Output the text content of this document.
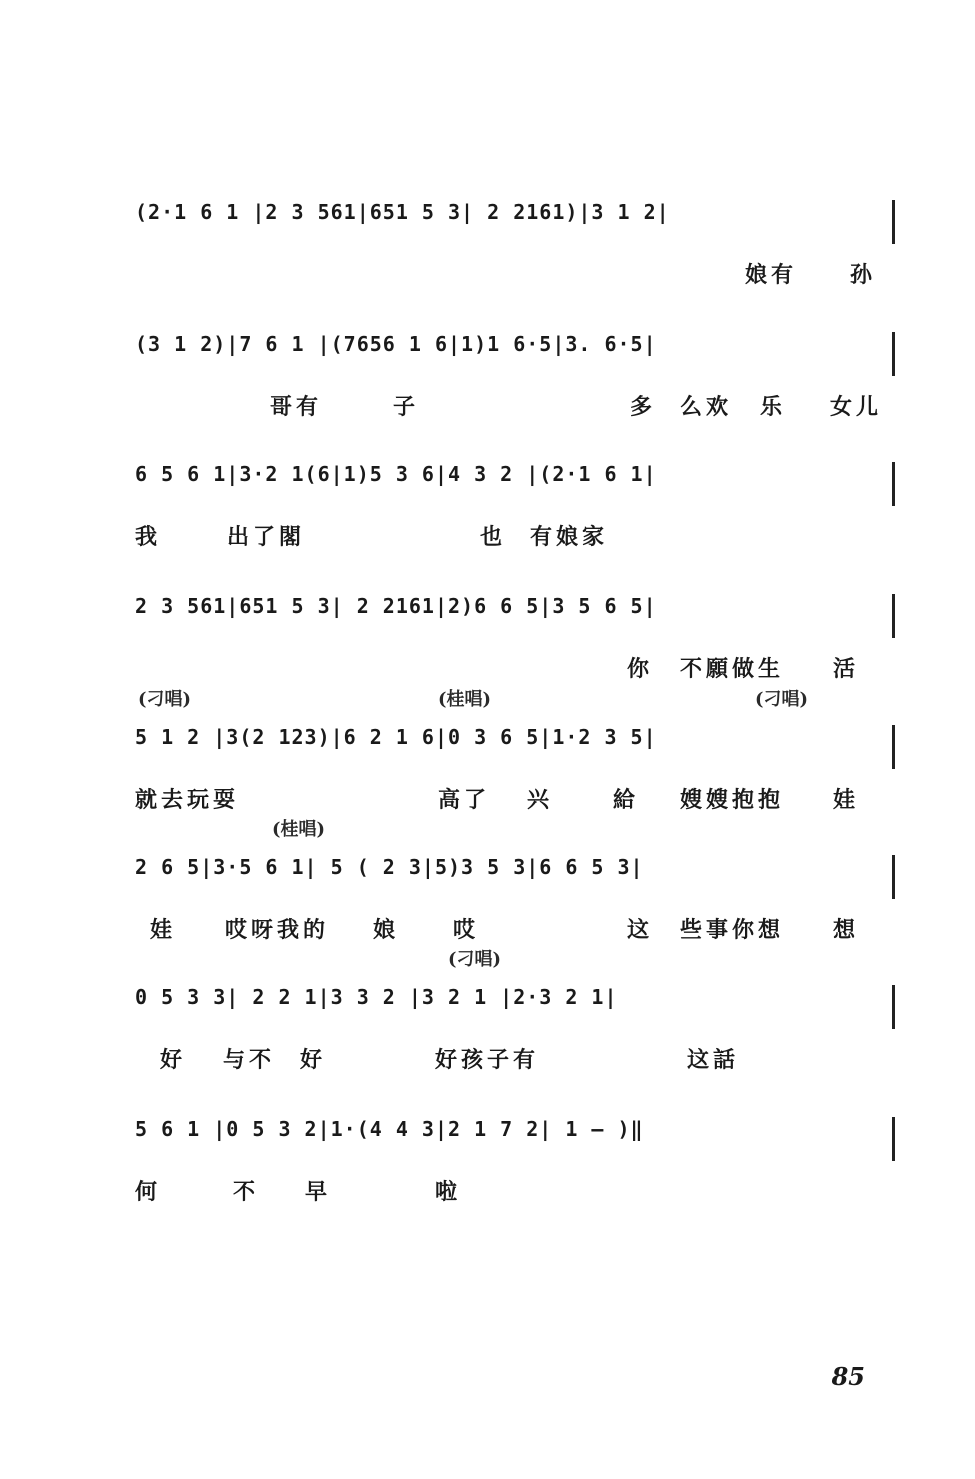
(2·1 6 1 |2 3 561|651 5 3| 2 2161)|3 1 2|
娘有 孙
(3 1 2)|7 6 1 |(7656 1 6|1)1 6·5|3. 6·5|
哥有	子	多 么欢 乐 女儿
6 5 6 1|3·2 1(6|1)5 3 6|4 3 2 |(2·1 6 1|
我	出了閣	也 有娘家
2 3 561|651 5 3| 2 2161|2)6 6 5|3 5 6 5|
你 不願做生 活
(刁唱)	(桂唱)	(刁唱)
5 1 2 |3(2 123)|6 2 1 6|0 3 6 5|1·2 3 5|
就去玩耍	高了 兴	給 嫂嫂抱抱 娃
(桂唱)
2 6 5|3·5 6 1| 5 ( 2 3|5)3 5 3|6 6 5 3|
娃 哎呀我的 娘 哎	这 些事你想 想
(刁唱)
0 5 3 3| 2 2 1|3 3 2 |3 2 1 |2·3 2 1|
好 与不 好	好孩子有	这話
5 6 1 |0 5 3 2|1·(4 4 3|2 1 7 2| 1 — )‖
何	不 早	啦
85
